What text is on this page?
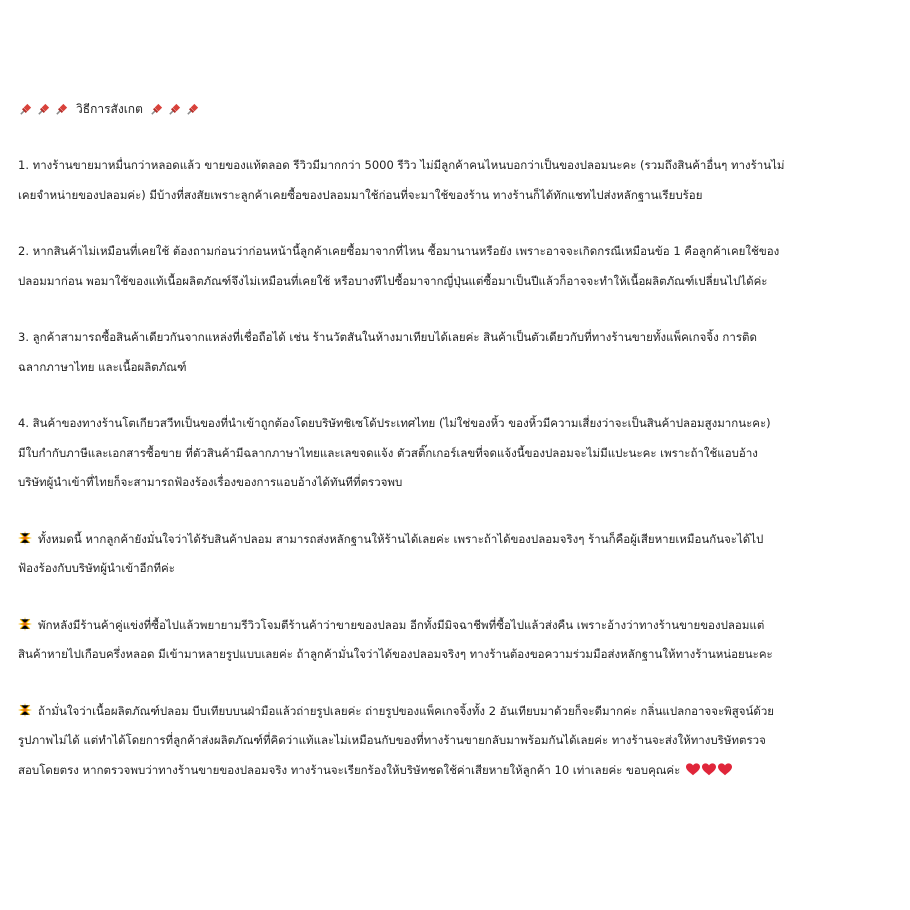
วิธีการสังเกต
1. ทางร้านขายมาหมื่นกว่าหลอดแล้ว ขายของแท้ตลอด รีวิวมีมากกว่า 5000 รีวิว ไม่มีลูกค้าคนไหนบอกว่าเป็นของปลอมนะคะ (รวมถึงสินค้าอื่นๆ ทางร้านไม่
เคยจำหน่ายของปลอมค่ะ) มีบ้างที่สงสัยเพราะลูกค้าเคยซื้อของปลอมมาใช้ก่อนที่จะมาใช้ของร้าน ทางร้านก็ได้ทักแชทไปส่งหลักฐานเรียบร้อย
2. หากสินค้าไม่เหมือนที่เคยใช้ ต้องถามก่อนว่าก่อนหน้านี้ลูกค้าเคยซื้อมาจากที่ไหน ซื้อมานานหรือยัง เพราะอาจจะเกิดกรณีเหมือนข้อ 1 คือลูกค้าเคยใช้ของ
ปลอมมาก่อน พอมาใช้ของแท้เนื้อผลิตภัณฑ์จึงไม่เหมือนที่เคยใช้ หรือบางทีไปซื้อมาจากญี่ปุ่นแต่ซื้อมาเป็นปีแล้วก็อาจจะทำให้เนื้อผลิตภัณฑ์เปลี่ยนไปได้ค่ะ
3. ลูกค้าสามารถซื้อสินค้าเดียวกันจากแหล่งที่เชื่อถือได้ เช่น ร้านวัตสันในห้างมาเทียบได้เลยค่ะ สินค้าเป็นตัวเดียวกับที่ทางร้านขายทั้งแพ็คเกจจิ้ง การติด
ฉลากภาษาไทย และเนื้อผลิตภัณฑ์
4. สินค้าของทางร้านโตเกียวสวีทเป็นของที่นำเข้าถูกต้องโดยบริษัทชิเซโด้ประเทศไทย (ไม่ใช่ของหิ้ว ของหิ้วมีความเสี่ยงว่าจะเป็นสินค้าปลอมสูงมากนะคะ)
มีใบกำกับภาษีและเอกสารซื้อขาย ที่ตัวสินค้ามีฉลากภาษาไทยและเลขจดแจ้ง ตัวสติ๊กเกอร์เลขที่จดแจ้งนี้ของปลอมจะไม่มีแปะนะคะ เพราะถ้าใช้แอบอ้าง
บริษัทผู้นำเข้าที่ไทยก็จะสามารถฟ้องร้องเรื่องของการแอบอ้างได้ทันทีที่ตรวจพบ
ทั้งหมดนี้ หากลูกค้ายังมั่นใจว่าได้รับสินค้าปลอม สามารถส่งหลักฐานให้ร้านได้เลยค่ะ เพราะถ้าได้ของปลอมจริงๆ ร้านก็คือผู้เสียหายเหมือนกันจะได้ไป
ฟ้องร้องกับบริษัทผู้นำเข้าอีกทีค่ะ
พักหลังมีร้านค้าคู่แข่งที่ซื้อไปแล้วพยายามรีวิวโจมตีร้านค้าว่าขายของปลอม อีกทั้งมีมิจฉาชีพที่ซื้อไปแล้วส่งคืน เพราะอ้างว่าทางร้านขายของปลอมแต่
สินค้าหายไปเกือบครึ่งหลอด มีเข้ามาหลายรูปแบบเลยค่ะ ถ้าลูกค้ามั่นใจว่าได้ของปลอมจริงๆ ทางร้านต้องขอความร่วมมือส่งหลักฐานให้ทางร้านหน่อยนะคะ
ถ้ามั่นใจว่าเนื้อผลิตภัณฑ์ปลอม บีบเทียบบนฝ่ามือแล้วถ่ายรูปเลยค่ะ ถ่ายรูปของแพ็คเกจจิ้งทั้ง 2 อันเทียบมาด้วยก็จะดีมากค่ะ กลิ่นแปลกอาจจะพิสูจน์ด้วย
รูปภาพไม่ได้ แต่ทำได้โดยการที่ลูกค้าส่งผลิตภัณฑ์ที่คิดว่าแท้และไม่เหมือนกับของที่ทางร้านขายกลับมาพร้อมกันได้เลยค่ะ ทางร้านจะส่งให้ทางบริษัทตรวจ
สอบโดยตรง หากตรวจพบว่าทางร้านขายของปลอมจริง ทางร้านจะเรียกร้องให้บริษัทชดใช้ค่าเสียหายให้ลูกค้า 10 เท่าเลยค่ะ ขอบคุณค่ะ
